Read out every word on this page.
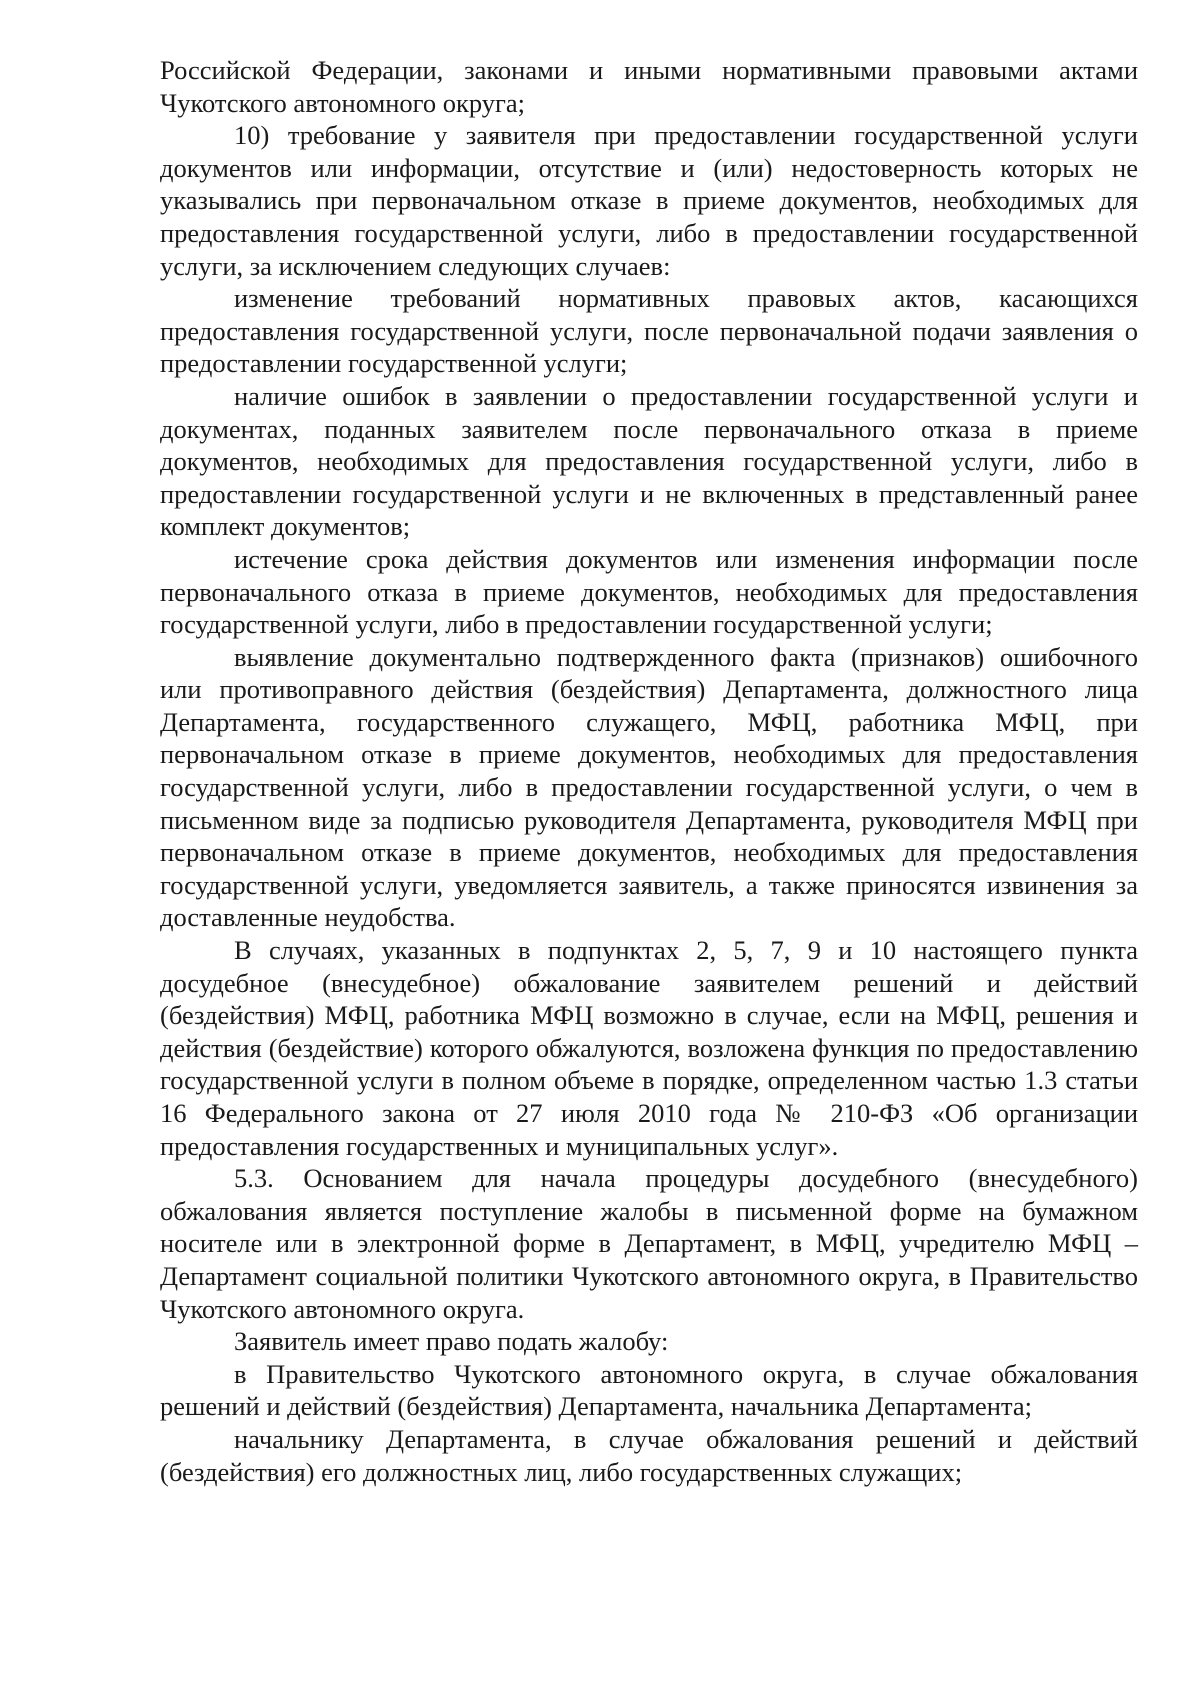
Российской Федерации, законами и иными нормативными правовыми актами Чукотского автономного округа;

10) требование у заявителя при предоставлении государственной услуги документов или информации, отсутствие и (или) недостоверность которых не указывались при первоначальном отказе в приеме документов, необходимых для предоставления государственной услуги, либо в предоставлении государственной услуги, за исключением следующих случаев:

изменение требований нормативных правовых актов, касающихся предоставления государственной услуги, после первоначальной подачи заявления о предоставлении государственной услуги;

наличие ошибок в заявлении о предоставлении государственной услуги и документах, поданных заявителем после первоначального отказа в приеме документов, необходимых для предоставления государственной услуги, либо в предоставлении государственной услуги и не включенных в представленный ранее комплект документов;

истечение срока действия документов или изменения информации после первоначального отказа в приеме документов, необходимых для предоставления государственной услуги, либо в предоставлении государственной услуги;

выявление документально подтвержденного факта (признаков) ошибочного или противоправного действия (бездействия) Департамента, должностного лица Департамента, государственного служащего, МФЦ, работника МФЦ, при первоначальном отказе в приеме документов, необходимых для предоставления государственной услуги, либо в предоставлении государственной услуги, о чем в письменном виде за подписью руководителя Департамента, руководителя МФЦ при первоначальном отказе в приеме документов, необходимых для предоставления государственной услуги, уведомляется заявитель, а также приносятся извинения за доставленные неудобства.

В случаях, указанных в подпунктах 2, 5, 7, 9 и 10 настоящего пункта досудебное (внесудебное) обжалование заявителем решений и действий (бездействия) МФЦ, работника МФЦ возможно в случае, если на МФЦ, решения и действия (бездействие) которого обжалуются, возложена функция по предоставлению государственной услуги в полном объеме в порядке, определенном частью 1.3 статьи 16 Федерального закона от 27 июля 2010 года № 210-ФЗ «Об организации предоставления государственных и муниципальных услуг».

5.3. Основанием для начала процедуры досудебного (внесудебного) обжалования является поступление жалобы в письменной форме на бумажном носителе или в электронной форме в Департамент, в МФЦ, учредителю МФЦ – Департамент социальной политики Чукотского автономного округа, в Правительство Чукотского автономного округа.

Заявитель имеет право подать жалобу:

в Правительство Чукотского автономного округа, в случае обжалования решений и действий (бездействия) Департамента, начальника Департамента;

начальнику Департамента, в случае обжалования решений и действий (бездействия) его должностных лиц, либо государственных служащих;
